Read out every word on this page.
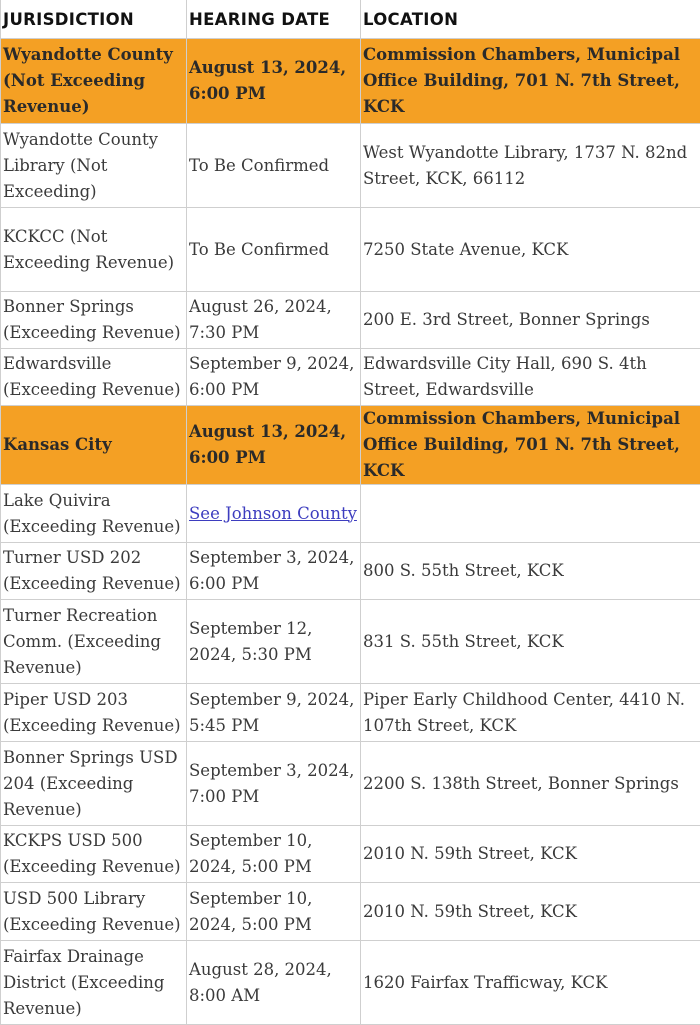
JURISDICTION	HEARING DATE	LOCATION
Wyandotte County (Not Exceeding Revenue)	August 13, 2024, 6:00 PM	Commission Chambers, Municipal Office Building, 701 N. 7th Street, KCK
Wyandotte County Library (Not Exceeding)	To Be Confirmed	West Wyandotte Library, 1737 N. 82nd Street, KCK, 66112
KCKCC (Not Exceeding Revenue)	To Be Confirmed	7250 State Avenue, KCK
Bonner Springs (Exceeding Revenue)	August 26, 2024, 7:30 PM	200 E. 3rd Street, Bonner Springs
Edwardsville (Exceeding Revenue)	September 9, 2024, 6:00 PM	Edwardsville City Hall, 690 S. 4th Street, Edwardsville
Kansas City	August 13, 2024, 6:00 PM	Commission Chambers, Municipal Office Building, 701 N. 7th Street, KCK
Lake Quivira (Exceeding Revenue)	See Johnson County	
Turner USD 202 (Exceeding Revenue)	September 3, 2024, 6:00 PM	800 S. 55th Street, KCK
Turner Recreation Comm. (Exceeding Revenue)	September 12, 2024, 5:30 PM	831 S. 55th Street, KCK
Piper USD 203 (Exceeding Revenue)	September 9, 2024, 5:45 PM	Piper Early Childhood Center, 4410 N. 107th Street, KCK
Bonner Springs USD 204 (Exceeding Revenue)	September 3, 2024, 7:00 PM	2200 S. 138th Street, Bonner Springs
KCKPS USD 500 (Exceeding Revenue)	September 10, 2024, 5:00 PM	2010 N. 59th Street, KCK
USD 500 Library (Exceeding Revenue)	September 10, 2024, 5:00 PM	2010 N. 59th Street, KCK
Fairfax Drainage District (Exceeding Revenue)	August 28, 2024, 8:00 AM	1620 Fairfax Trafficway, KCK
